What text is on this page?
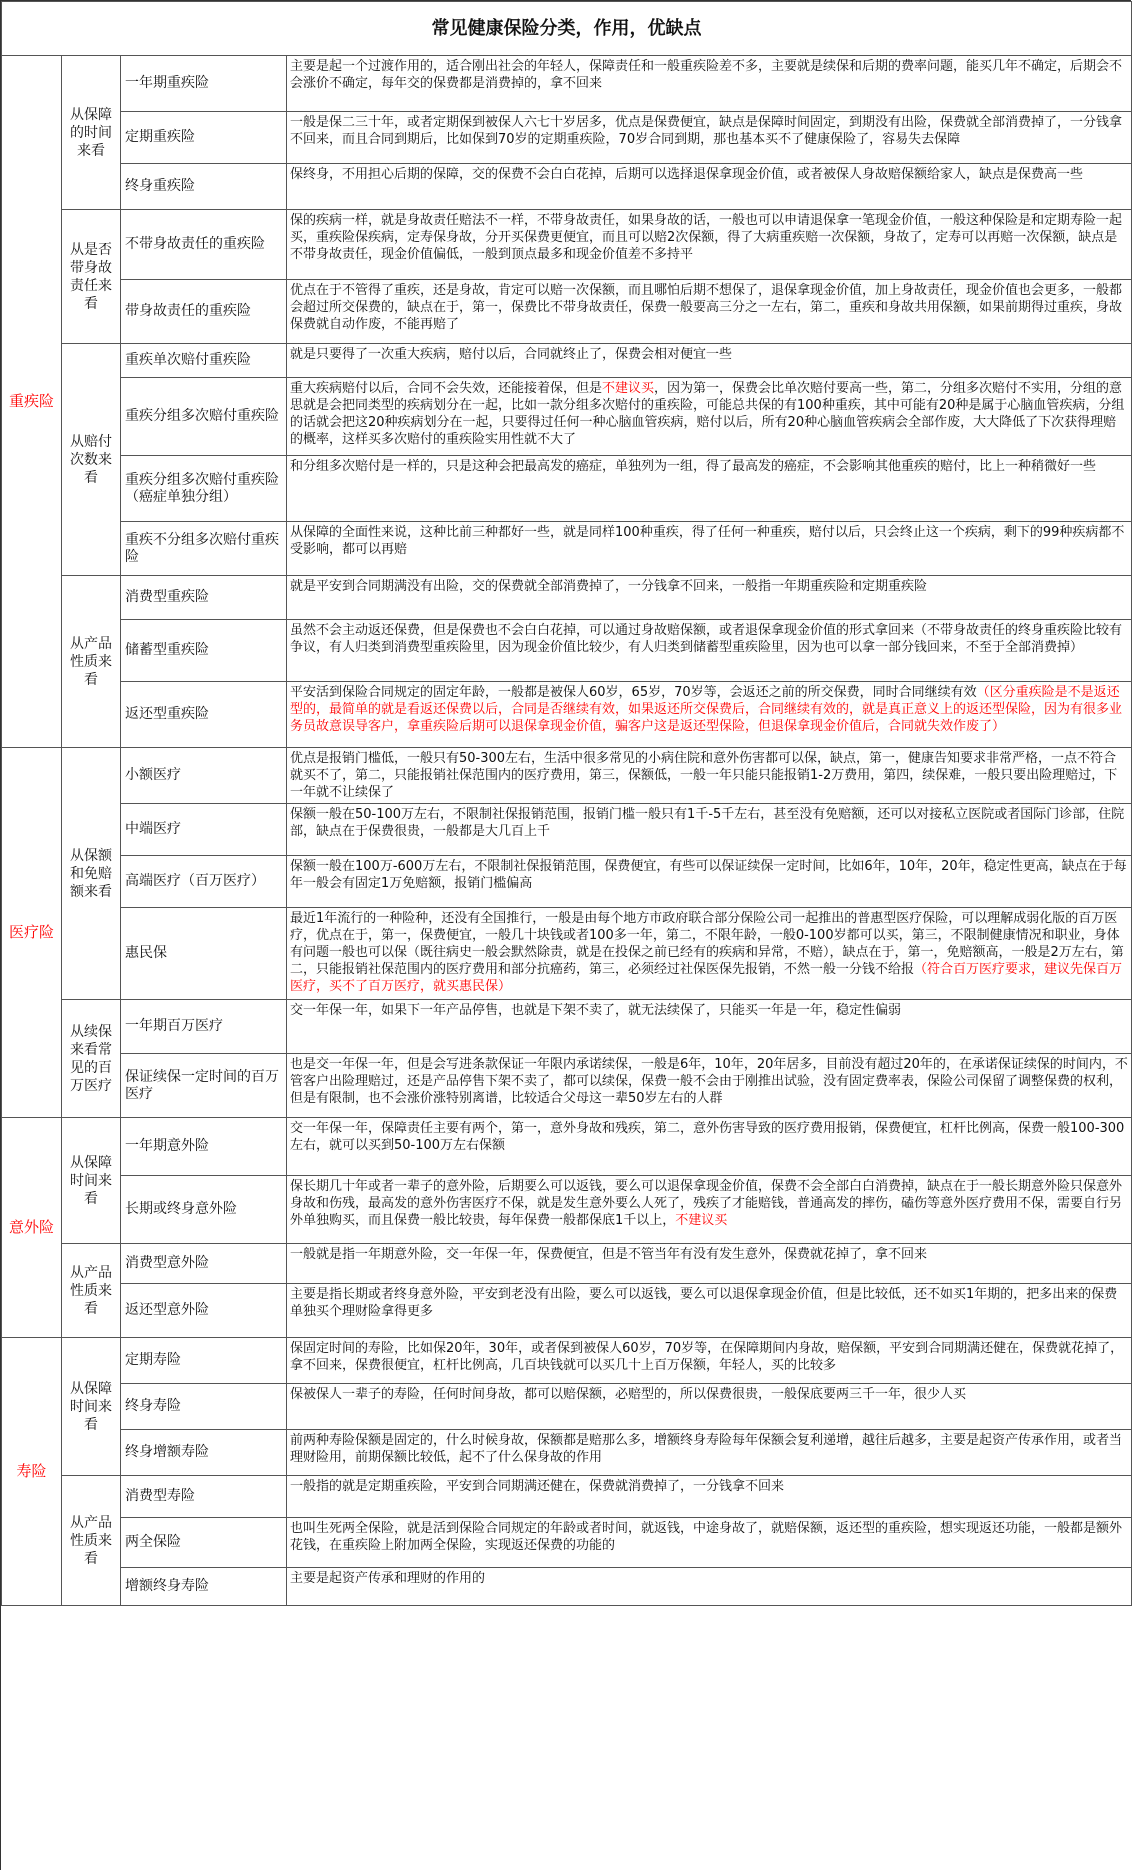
常见健康保险分类，作用，优缺点			
重疾险	从保障的时间来看	一年期重疾险	主要是起一个过渡作用的，适合刚出社会的年轻人，保障责任和一般重疾险差不多，主要就是续保和后期的费率问题，能买几年不确定，后期会不会涨价不确定，每年交的保费都是消费掉的，拿不回来
		定期重疾险	一般是保二三十年，或者定期保到被保人六七十岁居多，优点是保费便宜，缺点是保障时间固定，到期没有出险，保费就全部消费掉了，一分钱拿不回来，而且合同到期后，比如保到70岁的定期重疾险，70岁合同到期，那也基本买不了健康保险了，容易失去保障
		终身重疾险	保终身，不用担心后期的保障，交的保费不会白白花掉，后期可以选择退保拿现金价值，或者被保人身故赔保额给家人，缺点是保费高一些
	从是否带身故责任来看	不带身故责任的重疾险	保的疾病一样，就是身故责任赔法不一样，不带身故责任，如果身故的话，一般也可以申请退保拿一笔现金价值，一般这种保险是和定期寿险一起买，重疾险保疾病，定寿保身故，分开买保费更便宜，而且可以赔2次保额，得了大病重疾赔一次保额，身故了，定寿可以再赔一次保额，缺点是不带身故责任，现金价值偏低，一般到顶点最多和现金价值差不多持平
		带身故责任的重疾险	优点在于不管得了重疾，还是身故，肯定可以赔一次保额，而且哪怕后期不想保了，退保拿现金价值，加上身故责任，现金价值也会更多，一般都会超过所交保费的，缺点在于，第一，保费比不带身故责任，保费一般要高三分之一左右，第二，重疾和身故共用保额，如果前期得过重疾，身故保费就自动作废，不能再赔了
	从赔付次数来看	重疾单次赔付重疾险	就是只要得了一次重大疾病，赔付以后，合同就终止了，保费会相对便宜一些
		重疾分组多次赔付重疾险	重大疾病赔付以后，合同不会失效，还能接着保，但是不建议买，因为第一，保费会比单次赔付要高一些，第二，分组多次赔付不实用，分组的意思就是会把同类型的疾病划分在一起，比如一款分组多次赔付的重疾险，可能总共保的有100种重疾，其中可能有20种是属于心脑血管疾病，分组的话就会把这20种疾病划分在一起，只要得过任何一种心脑血管疾病，赔付以后，所有20种心脑血管疾病会全部作废，大大降低了下次获得理赔的概率，这样买多次赔付的重疾险实用性就不大了
		重疾分组多次赔付重疾险（癌症单独分组）	和分组多次赔付是一样的，只是这种会把最高发的癌症，单独列为一组，得了最高发的癌症，不会影响其他重疾的赔付，比上一种稍微好一些
		重疾不分组多次赔付重疾险	从保障的全面性来说，这种比前三种都好一些，就是同样100种重疾，得了任何一种重疾，赔付以后，只会终止这一个疾病，剩下的99种疾病都不受影响，都可以再赔
	从产品性质来看	消费型重疾险	就是平安到合同期满没有出险，交的保费就全部消费掉了，一分钱拿不回来，一般指一年期重疾险和定期重疾险
		储蓄型重疾险	虽然不会主动返还保费，但是保费也不会白白花掉，可以通过身故赔保额，或者退保拿现金价值的形式拿回来（不带身故责任的终身重疾险比较有争议，有人归类到消费型重疾险里，因为现金价值比较少，有人归类到储蓄型重疾险里，因为也可以拿一部分钱回来，不至于全部消费掉）
		返还型重疾险	平安活到保险合同规定的固定年龄，一般都是被保人60岁，65岁，70岁等，会返还之前的所交保费，同时合同继续有效（区分重疾险是不是返还型的，最简单的就是看返还保费以后，合同是否继续有效，如果返还所交保费后，合同继续有效的，就是真正意义上的返还型保险，因为有很多业务员故意误导客户，拿重疾险后期可以退保拿现金价值，骗客户这是返还型保险，但退保拿现金价值后，合同就失效作废了）
医疗险	从保额和免赔额来看	小额医疗	优点是报销门槛低，一般只有50-300左右，生活中很多常见的小病住院和意外伤害都可以保，缺点，第一，健康告知要求非常严格，一点不符合就买不了，第二，只能报销社保范围内的医疗费用，第三，保额低，一般一年只能只能报销1-2万费用，第四，续保难，一般只要出险理赔过，下一年就不让续保了
		中端医疗	保额一般在50-100万左右，不限制社保报销范围，报销门槛一般只有1千-5千左右，甚至没有免赔额，还可以对接私立医院或者国际门诊部，住院部，缺点在于保费很贵，一般都是大几百上千
		高端医疗（百万医疗）	保额一般在100万-600万左右，不限制社保报销范围，保费便宜，有些可以保证续保一定时间，比如6年，10年，20年，稳定性更高，缺点在于每年一般会有固定1万免赔额，报销门槛偏高
		惠民保	最近1年流行的一种险种，还没有全国推行，一般是由每个地方市政府联合部分保险公司一起推出的普惠型医疗保险，可以理解成弱化版的百万医疗，优点在于，第一，保费便宜，一般几十块钱或者100多一年，第二，不限年龄，一般0-100岁都可以买，第三，不限制健康情况和职业，身体有问题一般也可以保（既往病史一般会默然除责，就是在投保之前已经有的疾病和异常，不赔），缺点在于，第一，免赔额高，一般是2万左右，第二，只能报销社保范围内的医疗费用和部分抗癌药，第三，必须经过社保医保先报销，不然一般一分钱不给报（符合百万医疗要求，建议先保百万医疗，买不了百万医疗，就买惠民保）
	从续保来看常见的百万医疗	一年期百万医疗	交一年保一年，如果下一年产品停售，也就是下架不卖了，就无法续保了，只能买一年是一年，稳定性偏弱
		保证续保一定时间的百万医疗	也是交一年保一年，但是会写进条款保证一年限内承诺续保，一般是6年，10年，20年居多，目前没有超过20年的，在承诺保证续保的时间内，不管客户出险理赔过，还是产品停售下架不卖了，都可以续保，保费一般不会由于刚推出试验，没有固定费率表，保险公司保留了调整保费的权利，但是有限制，也不会涨价涨特别离谱，比较适合父母这一辈50岁左右的人群
意外险	从保障时间来看	一年期意外险	交一年保一年，保障责任主要有两个，第一，意外身故和残疾，第二，意外伤害导致的医疗费用报销，保费便宜，杠杆比例高，保费一般100-300左右，就可以买到50-100万左右保额
		长期或终身意外险	保长期几十年或者一辈子的意外险，后期要么可以返钱，要么可以退保拿现金价值，保费不会全部白白消费掉，缺点在于一般长期意外险只保意外身故和伤残，最高发的意外伤害医疗不保，就是发生意外要么人死了，残疾了才能赔钱，普通高发的摔伤，磕伤等意外医疗费用不保，需要自行另外单独购买，而且保费一般比较贵，每年保费一般都保底1千以上，不建议买
	从产品性质来看	消费型意外险	一般就是指一年期意外险，交一年保一年，保费便宜，但是不管当年有没有发生意外，保费就花掉了，拿不回来
		返还型意外险	主要是指长期或者终身意外险，平安到老没有出险，要么可以返钱，要么可以退保拿现金价值，但是比较低，还不如买1年期的，把多出来的保费单独买个理财险拿得更多
寿险	从保障时间来看	定期寿险	保固定时间的寿险，比如保20年，30年，或者保到被保人60岁，70岁等，在保障期间内身故，赔保额，平安到合同期满还健在，保费就花掉了，拿不回来，保费很便宜，杠杆比例高，几百块钱就可以买几十上百万保额，年轻人，买的比较多
		终身寿险	保被保人一辈子的寿险，任何时间身故，都可以赔保额，必赔型的，所以保费很贵，一般保底要两三千一年，很少人买
		终身增额寿险	前两种寿险保额是固定的，什么时候身故，保额都是赔那么多，增额终身寿险每年保额会复利递增，越往后越多，主要是起资产传承作用，或者当理财险用，前期保额比较低，起不了什么保身故的作用
	从产品性质来看	消费型寿险	一般指的就是定期重疾险，平安到合同期满还健在，保费就消费掉了，一分钱拿不回来
		两全保险	也叫生死两全保险，就是活到保险合同规定的年龄或者时间，就返钱，中途身故了，就赔保额，返还型的重疾险，想实现返还功能，一般都是额外花钱，在重疾险上附加两全保险，实现返还保费的功能的
		增额终身寿险	主要是起资产传承和理财的作用的
